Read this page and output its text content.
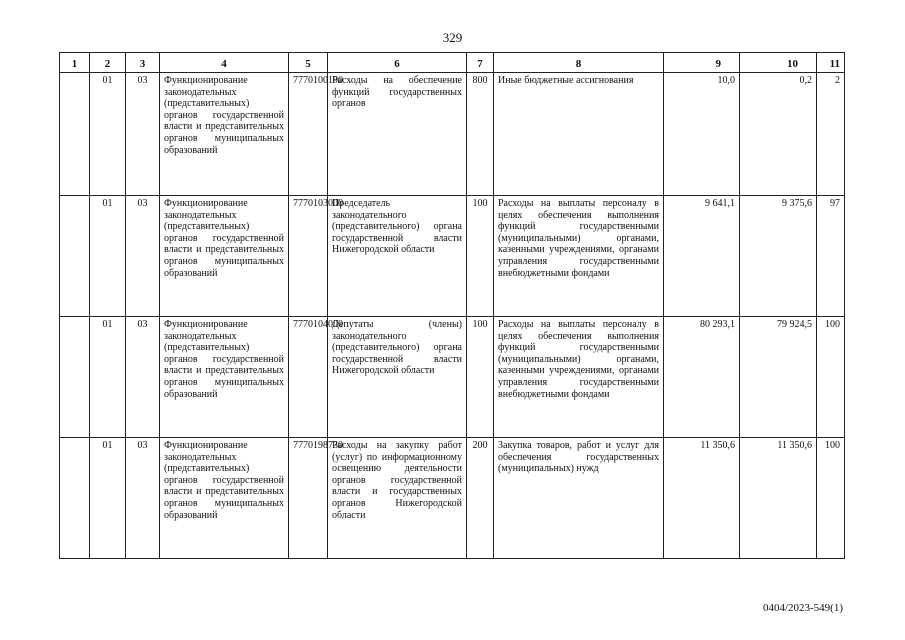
329
1	2	3	4	5	6	7	8	9	10	11
	01	03	Функционирование законодательных (представительных) органов государственной власти и представительных органов муниципальных образований	7770100190	Расходы на обеспечение функций государственных органов	800	Иные бюджетные ассигнования	10,0	0,2	2
	01	03	Функционирование законодательных (представительных) органов государственной власти и представительных органов муниципальных образований	7770103000	Председатель законодательного (представительного) органа государственной власти Нижегородской области	100	Расходы на выплаты персоналу в целях обеспечения выполнения функций государственными (муниципальными) органами, казенными учреждениями, органами управления государственными внебюджетными фондами	9 641,1	9 375,6	97
	01	03	Функционирование законодательных (представительных) органов государственной власти и представительных органов муниципальных образований	7770104000	Депутаты (члены) законодательного (представительного) органа государственной власти Нижегородской области	100	Расходы на выплаты персоналу в целях обеспечения выполнения функций государственными (муниципальными) органами, казенными учреждениями, органами управления государственными внебюджетными фондами	80 293,1	79 924,5	100
	01	03	Функционирование законодательных (представительных) органов государственной власти и представительных органов муниципальных образований	7770198730	Расходы на закупку работ (услуг) по информационному освещению деятельности органов государственной власти и государственных органов Нижегородской области	200	Закупка товаров, работ и услуг для обеспечения государственных (муниципальных) нужд	11 350,6	11 350,6	100
0404/2023-549(1)
